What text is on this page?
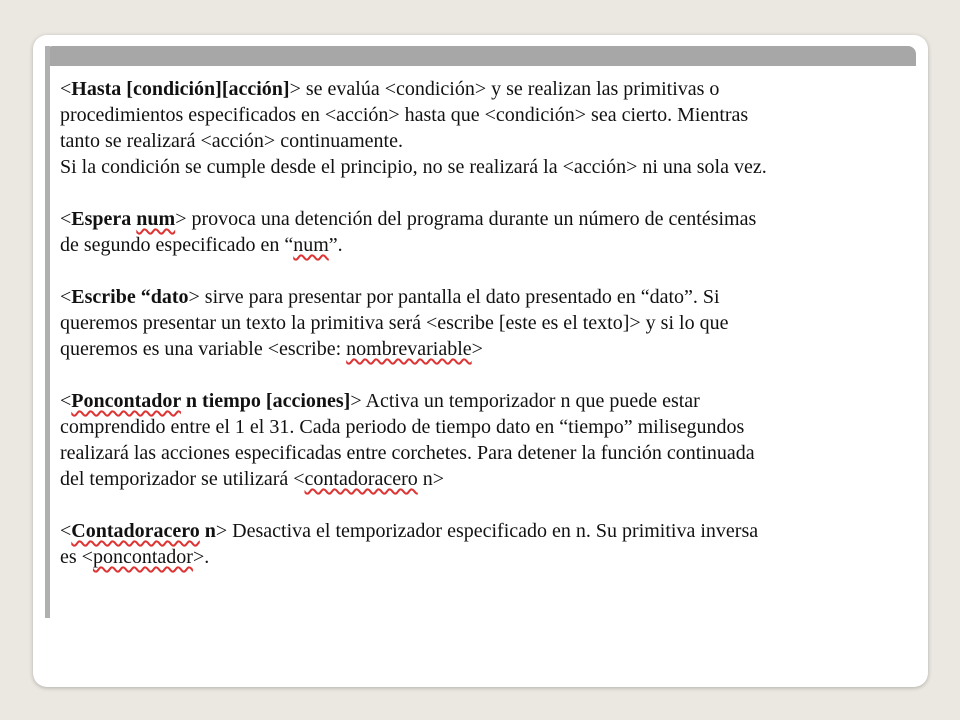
<Hasta [condición][acción]> se evalúa <condición> y se realizan las primitivas o
procedimientos especificados en <acción> hasta que <condición> sea cierto. Mientras
tanto se realizará <acción> continuamente.
Si la condición se cumple desde el principio, no se realizará la <acción> ni una sola vez.
<Espera num> provoca una detención del programa durante un número de centésimas
de segundo especificado en “num”.
<Escribe “dato> sirve para presentar por pantalla el dato presentado en “dato”. Si
queremos presentar un texto la primitiva será <escribe [este es el texto]> y si lo que
queremos es una variable <escribe: nombrevariable>
<Poncontador n tiempo [acciones]> Activa un temporizador n que puede estar
comprendido entre el 1 el 31. Cada periodo de tiempo dato en “tiempo” milisegundos
realizará las acciones especificadas entre corchetes. Para detener la función continuada
del temporizador se utilizará <contadoracero n>
<Contadoracero n> Desactiva el temporizador especificado en n. Su primitiva inversa
es <poncontador>.
